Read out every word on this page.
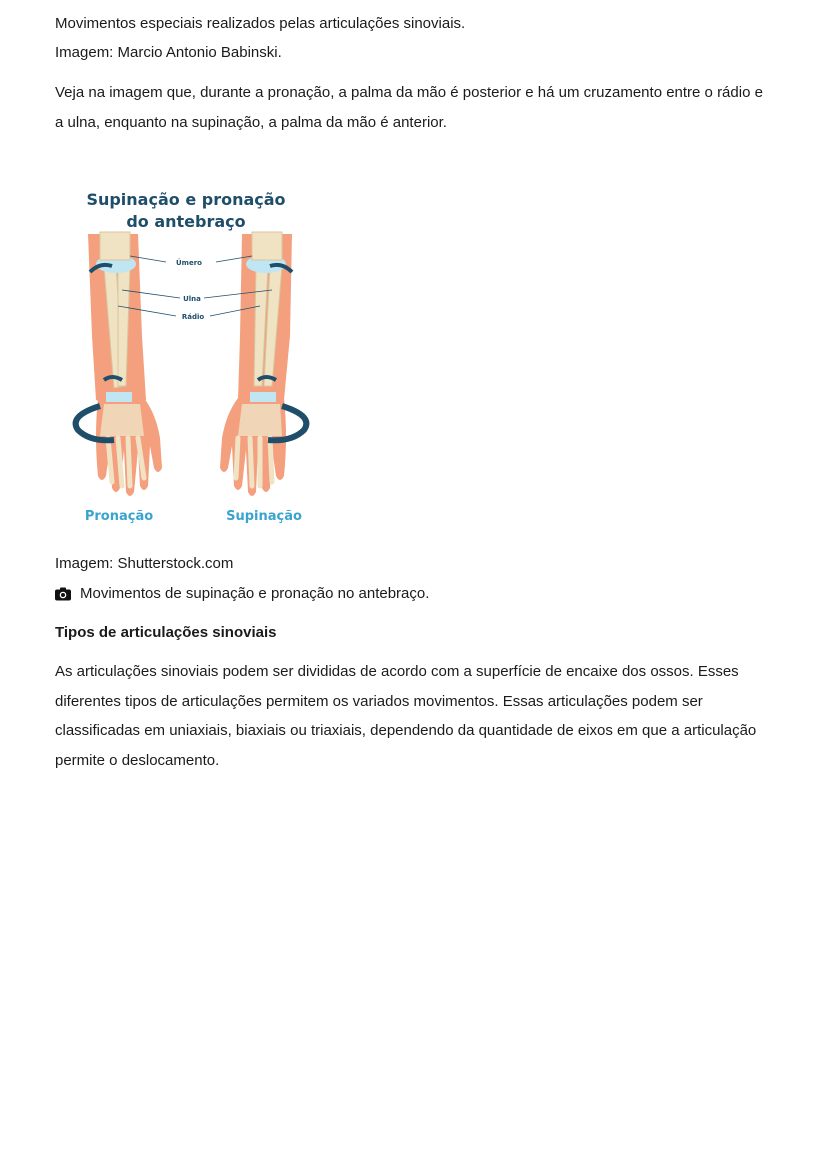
Movimentos especiais realizados pelas articulações sinoviais.
Imagem: Marcio Antonio Babinski.
Veja na imagem que, durante a pronação, a palma da mão é posterior e há um cruzamento entre o rádio e a ulna, enquanto na supinação, a palma da mão é anterior.
Supinação e pronação
do antebraço
Úmero
Ulna
Rádio
Pronação	Supinação
Imagem: Shutterstock.com
Movimentos de supinação e pronação no antebraço.
Tipos de articulações sinoviais
As articulações sinoviais podem ser divididas de acordo com a superfície de encaixe dos ossos. Esses diferentes tipos de articulações permitem os variados movimentos. Essas articulações podem ser classificadas em uniaxiais, biaxiais ou triaxiais, dependendo da quantidade de eixos em que a articulação permite o deslocamento.
